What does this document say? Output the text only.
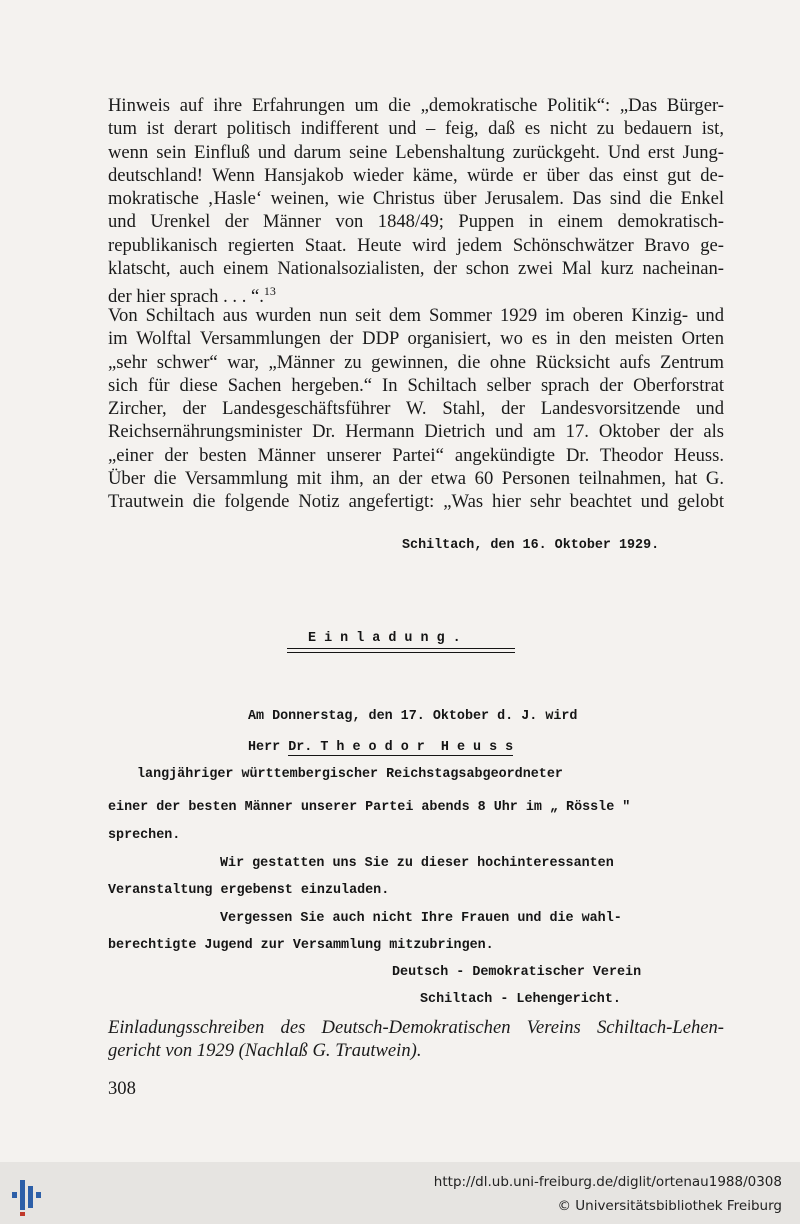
Hinweis auf ihre Erfahrungen um die „demokratische Politik“: „Das Bürger-
tum ist derart politisch indifferent und – feig, daß es nicht zu bedauern ist,
wenn sein Einfluß und darum seine Lebenshaltung zurückgeht. Und erst Jung-
deutschland! Wenn Hansjakob wieder käme, würde er über das einst gut de-
mokratische ‚Hasle‘ weinen, wie Christus über Jerusalem. Das sind die Enkel
und Urenkel der Männer von 1848/49; Puppen in einem demokratisch-
republikanisch regierten Staat. Heute wird jedem Schönschwätzer Bravo ge-
klatscht, auch einem Nationalsozialisten, der schon zwei Mal kurz nacheinan-
der hier sprach . . . “.$^{13}$
Von Schiltach aus wurden nun seit dem Sommer 1929 im oberen Kinzig- und
im Wolftal Versammlungen der DDP organisiert, wo es in den meisten Orten
„sehr schwer“ war, „Männer zu gewinnen, die ohne Rücksicht aufs Zentrum
sich für diese Sachen hergeben.“ In Schiltach selber sprach der Oberforstrat
Zircher, der Landesgeschäftsführer W. Stahl, der Landesvorsitzende und
Reichsernährungsminister Dr. Hermann Dietrich und am 17. Oktober der als
„einer der besten Männer unserer Partei“ angekündigte Dr. Theodor Heuss.
Über die Versammlung mit ihm, an der etwa 60 Personen teilnahmen, hat G.
Trautwein die folgende Notiz angefertigt: „Was hier sehr beachtet und gelobt
Schiltach, den 16. Oktober 1929.
E i n l a d u n g .
Am Donnerstag, den 17. Oktober d. J. wird
Herr Dr. T h e o d o r  H e u s s
langjähriger württembergischer Reichstagsabgeordneter
einer der besten Männer unserer Partei abends 8 Uhr im „ Rössle "
sprechen.
Wir gestatten uns Sie zu dieser hochinteressanten
Veranstaltung ergebenst einzuladen.
Vergessen Sie auch nicht Ihre Frauen und die wahl-
berechtigte Jugend zur Versammlung mitzubringen.
Deutsch - Demokratischer Verein
Schiltach - Lehengericht.
Einladungsschreiben des Deutsch-Demokratischen Vereins Schiltach-Lehen-
gericht von 1929 (Nachlaß G. Trautwein).
308
http://dl.ub.uni-freiburg.de/diglit/ortenau1988/0308
© Universitätsbibliothek Freiburg
